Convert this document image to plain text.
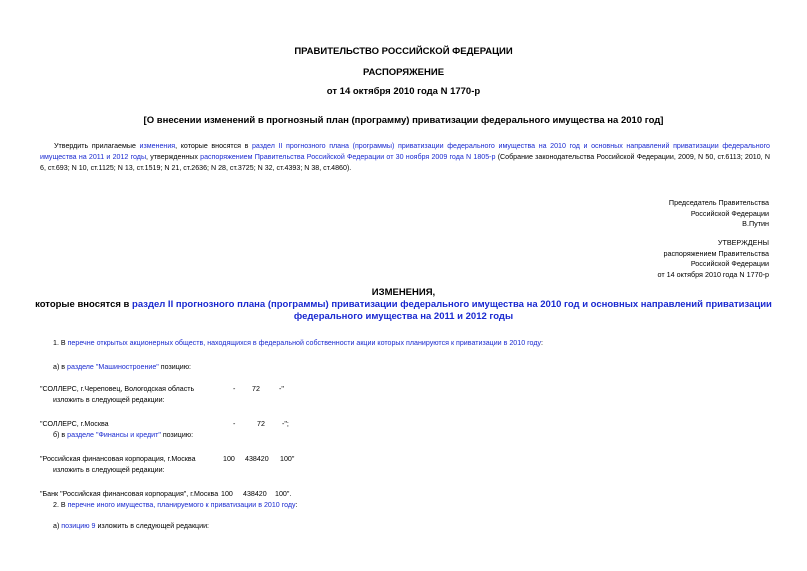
ПРАВИТЕЛЬСТВО РОССИЙСКОЙ ФЕДЕРАЦИИ
РАСПОРЯЖЕНИЕ
от 14 октября 2010 года N 1770-р
[О внесении изменений в прогнозный план (программу) приватизации федерального имущества на 2010 год]
Утвердить прилагаемые изменения, которые вносятся в раздел II прогнозного плана (программы) приватизации федерального имущества на 2010 год и основных направлений приватизации федерального имущества на 2011 и 2012 годы, утвержденных распоряжением Правительства Российской Федерации от 30 ноября 2009 года N 1805-р (Собрание законодательства Российской Федерации, 2009, N 50, ст.6113; 2010, N 6, ст.693; N 10, ст.1125; N 13, ст.1519; N 21, ст.2636; N 28, ст.3725; N 32, ст.4393; N 38, ст.4860).
Председатель Правительства
Российской Федерации
В.Путин
УТВЕРЖДЕНЫ
распоряжением Правительства
Российской Федерации
от 14 октября 2010 года N 1770-р
ИЗМЕНЕНИЯ,
которые вносятся в раздел II прогнозного плана (программы) приватизации федерального имущества на 2010 год и основных направлений приватизации
федерального имущества на 2011 и 2012 годы
1. В перечне открытых акционерных обществ, находящихся в федеральной собственности акции которых планируются к приватизации в 2010 году:
а) в разделе "Машиностроение" позицию:
"СОЛЛЕРС, г.Череповец, Вологодская область	- 72	-"
изложить в следующей редакции:
"СОЛЛЕРС, г.Москва	-	72 -";
б) в разделе "Финансы и кредит" позицию:
"Российская финансовая корпорация, г.Москва	100 438420 100"
изложить в следующей редакции:
"Банк "Российская финансовая корпорация", г.Москва 100 438420 100".
2. В перечне иного имущества, планируемого к приватизации в 2010 году:
а) позицию 9 изложить в следующей редакции:
